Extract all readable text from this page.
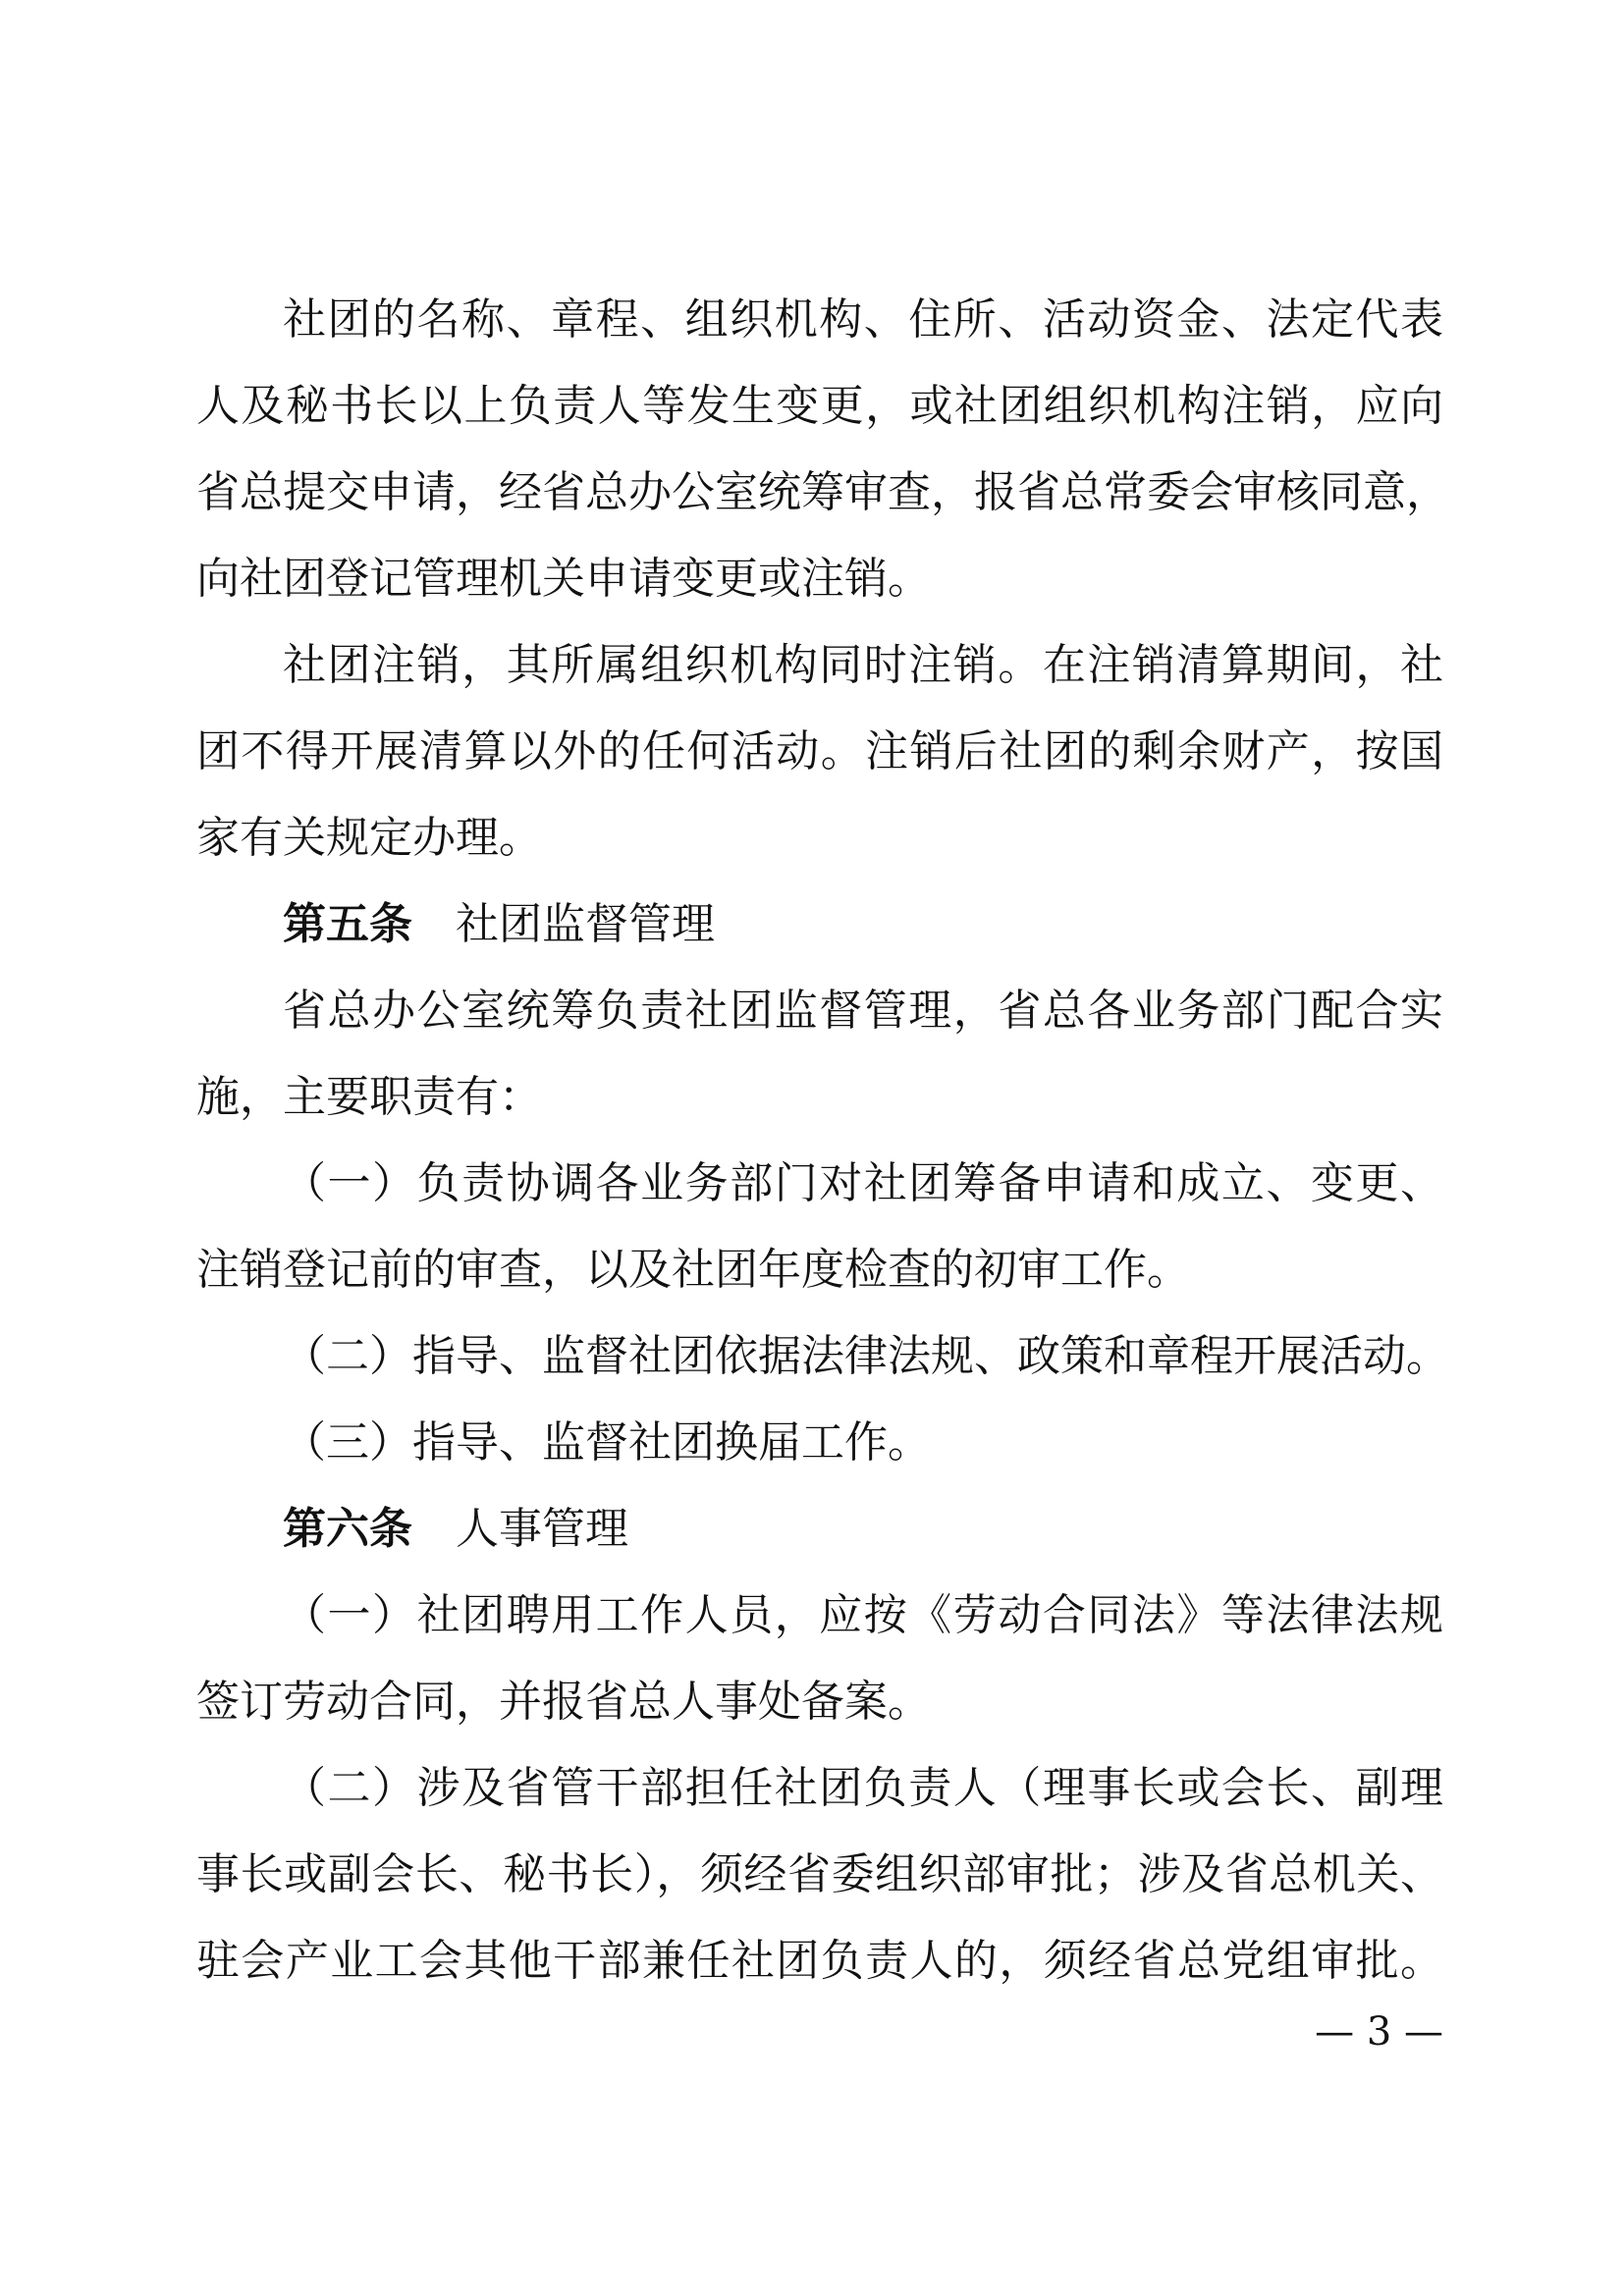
社团的名称、章程、组织机构、住所、活动资金、法定代表
人及秘书长以上负责人等发生变更，或社团组织机构注销，应向
省总提交申请，经省总办公室统筹审查，报省总常委会审核同意，
向社团登记管理机关申请变更或注销。
社团注销，其所属组织机构同时注销。在注销清算期间，社
团不得开展清算以外的任何活动。注销后社团的剩余财产，按国
家有关规定办理。
第五条 社团监督管理
省总办公室统筹负责社团监督管理，省总各业务部门配合实
施，主要职责有：
（一）负责协调各业务部门对社团筹备申请和成立、变更、
注销登记前的审查，以及社团年度检查的初审工作。
（二）指导、监督社团依据法律法规、政策和章程开展活动。
（三）指导、监督社团换届工作。
第六条 人事管理
（一）社团聘用工作人员，应按《劳动合同法》等法律法规
签订劳动合同，并报省总人事处备案。
（二）涉及省管干部担任社团负责人（理事长或会长、副理
事长或副会长、秘书长），须经省委组织部审批；涉及省总机关、
驻会产业工会其他干部兼任社团负责人的，须经省总党组审批。
— 3 —
